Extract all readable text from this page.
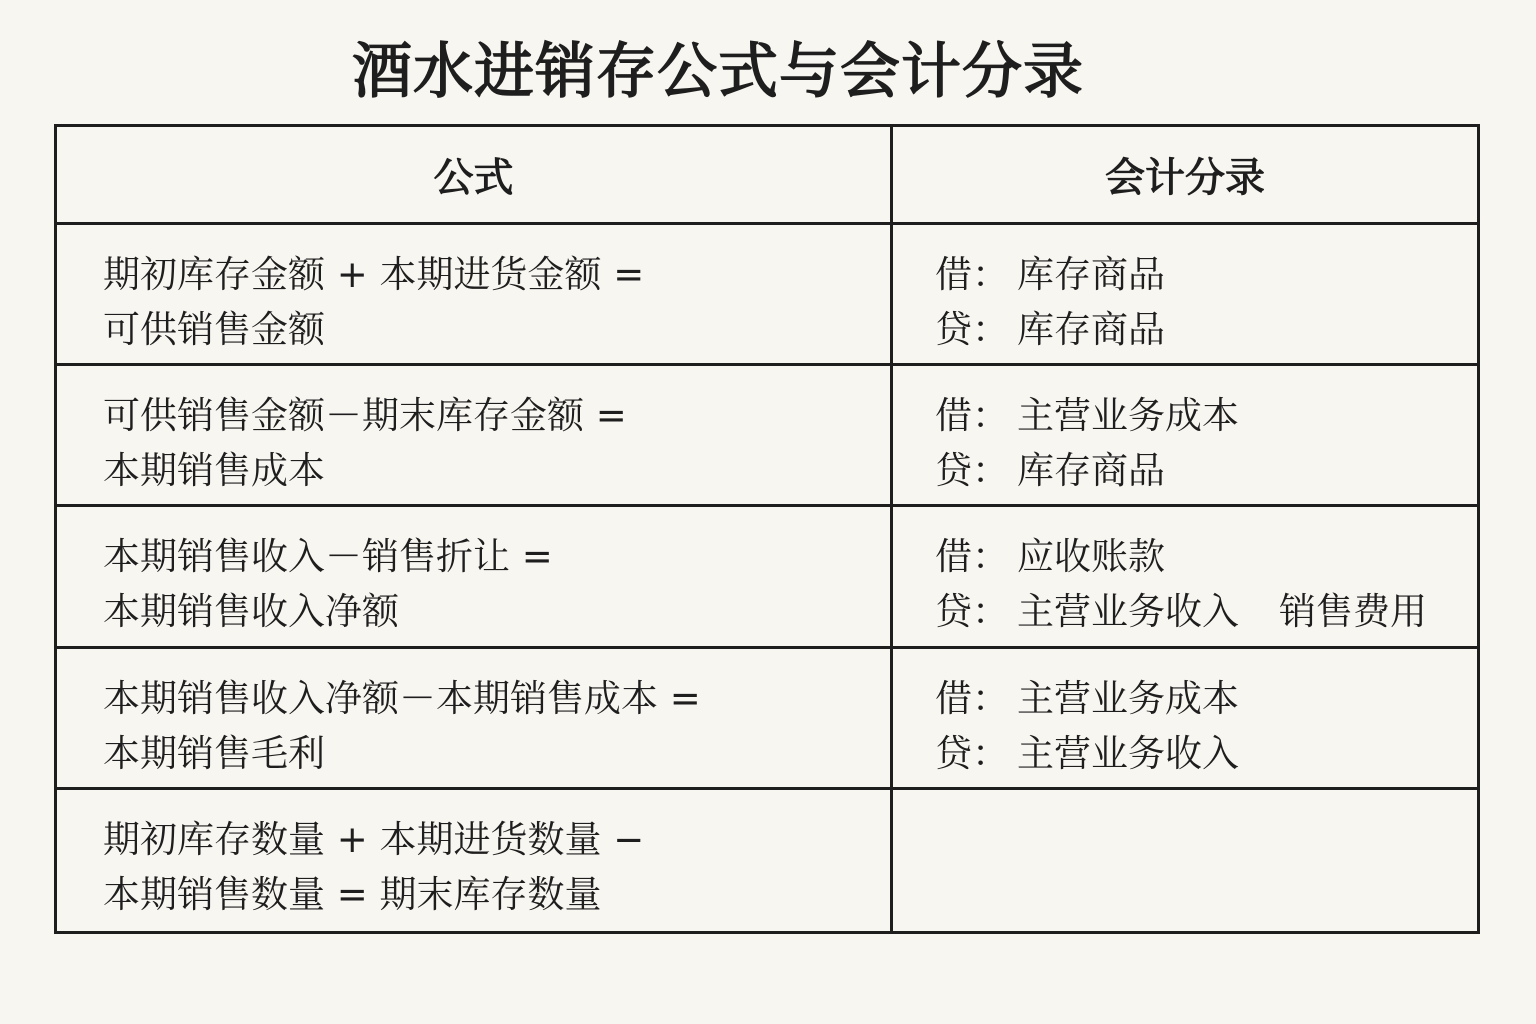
酒水进销存公式与会计分录
公式	会计分录
期初库存金额 + 本期进货金额 =
可供销售金额
借： 库存商品
贷： 库存商品
可供销售金额－期末库存金额 =
本期销售成本
借： 主营业务成本
贷： 库存商品
本期销售收入－销售折让 =
本期销售收入净额
借： 应收账款
贷： 主营业务收入 销售费用
本期销售收入净额－本期销售成本 =
本期销售毛利
借： 主营业务成本
贷： 主营业务收入
期初库存数量 + 本期进货数量 −
本期销售数量 = 期末库存数量
